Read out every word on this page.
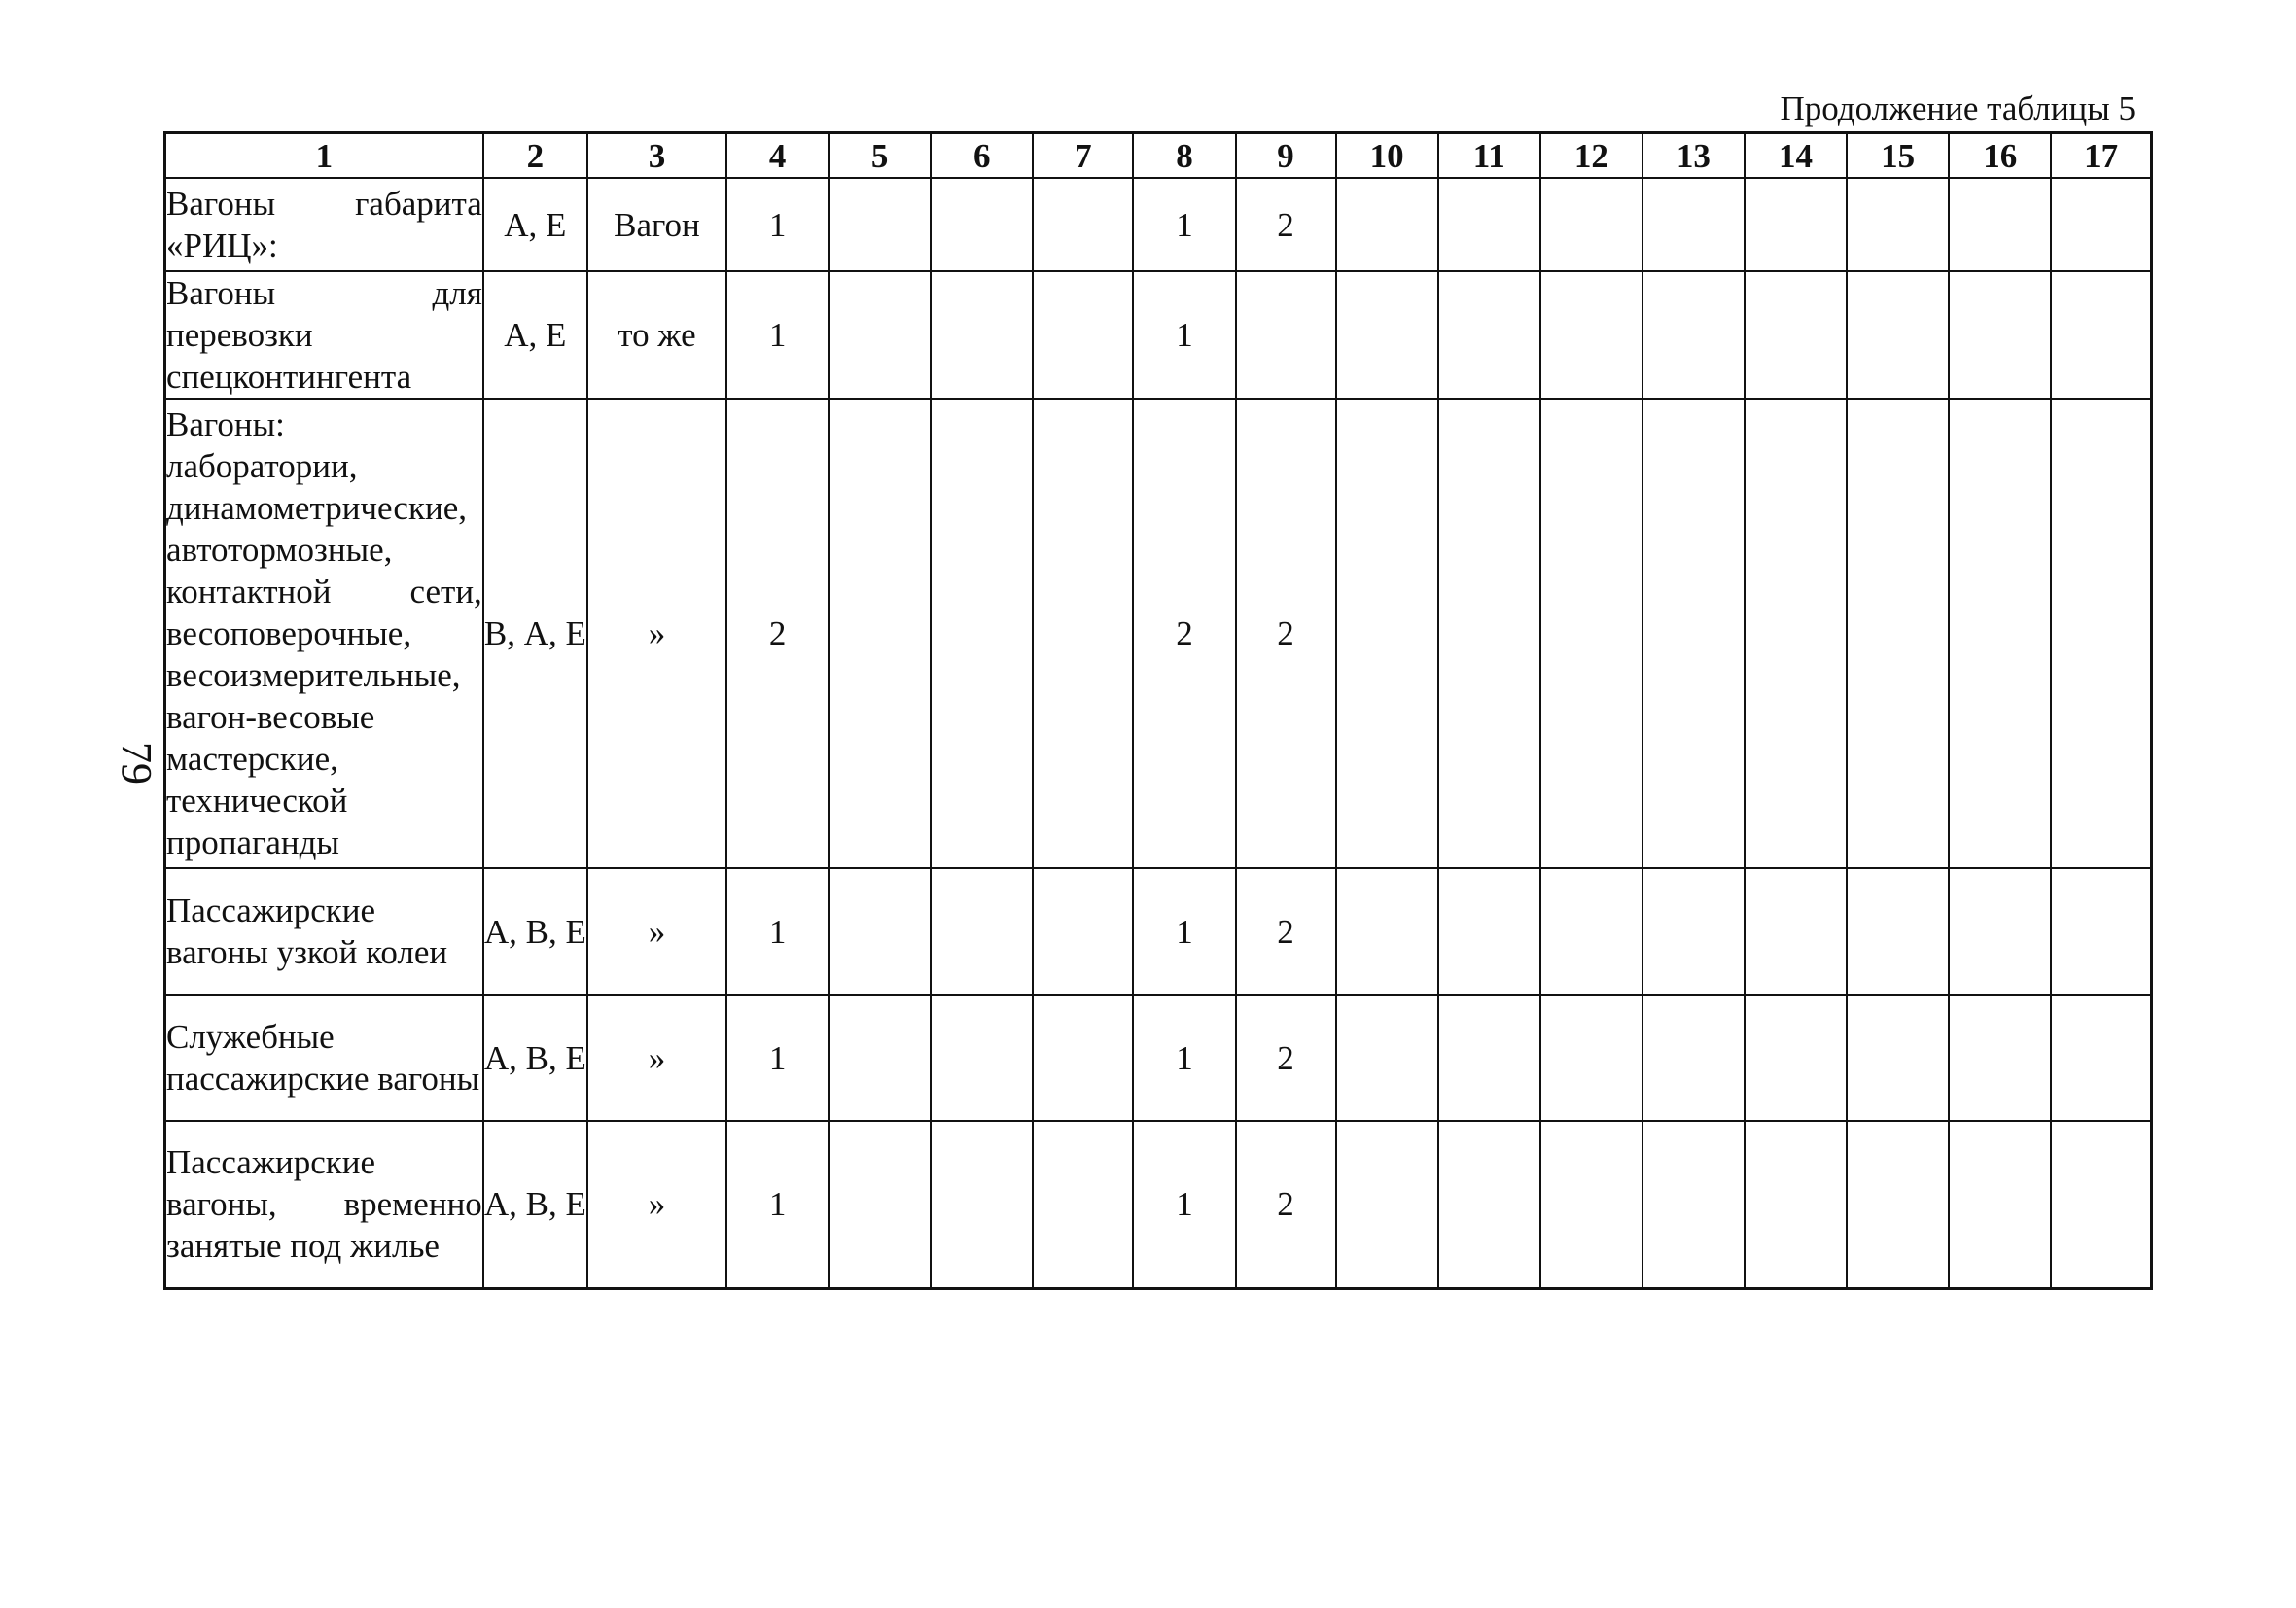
Продолжение таблицы 5
79
1	2	3	4	5	6	7	8	9	10	11	12	13	14	15	16	17
Вагоны габарита «РИЦ»:	А, Е	Вагон	1				1	2								
Вагоны для перевозки спецконтингента	А, Е	то же	1				1									
Вагоны: лаборатории, динамометрические, автотормозные, контактной сети, весоповерочные, весоизмерительные, вагон-весовые мастерские, технической пропаганды	В, А, Е	»	2				2	2								
Пассажирские вагоны узкой колеи	А, В, Е	»	1				1	2								
Служебные пассажирские вагоны	А, В, Е	»	1				1	2								
Пассажирские вагоны, временно занятые под жилье	А, В, Е	»	1				1	2								
